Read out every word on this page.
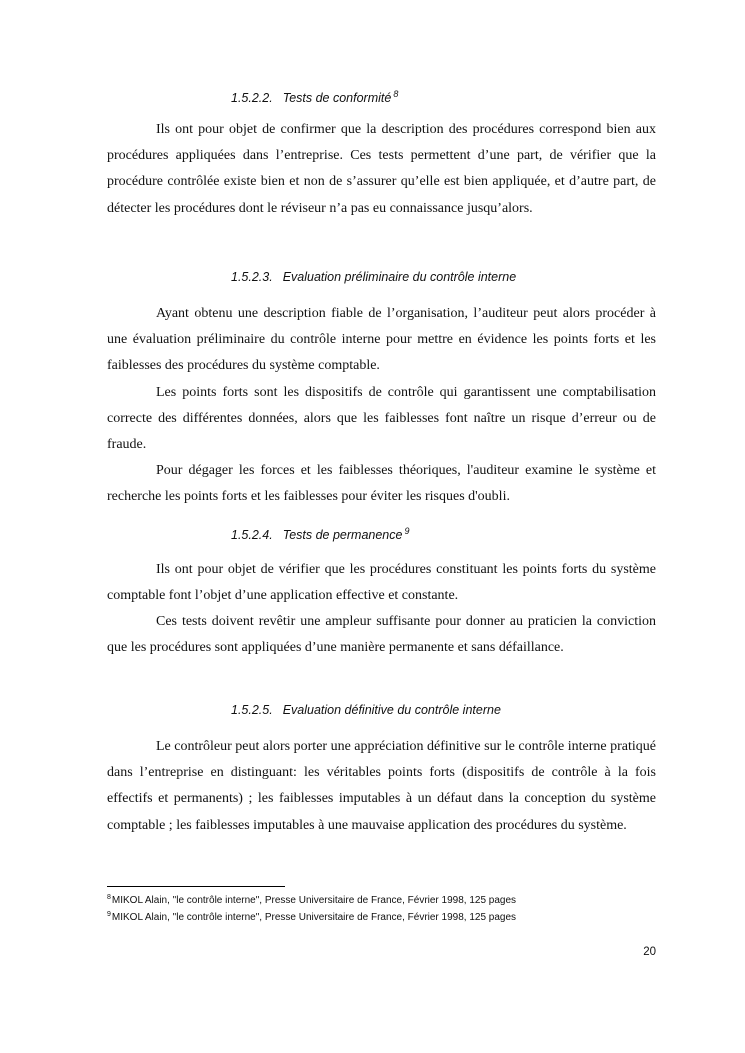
1.5.2.2. Tests de conformité $^8$

Ils ont pour objet de confirmer que la description des procédures correspond bien aux procédures appliquées dans l’entreprise. Ces tests permettent d’une part, de vérifier que la procédure contrôlée existe bien et non de s’assurer qu’elle est bien appliquée, et d’autre part, de détecter les procédures dont le réviseur n’a pas eu connaissance jusqu’alors.

1.5.2.3. Evaluation préliminaire du contrôle interne

Ayant obtenu une description fiable de l’organisation, l’auditeur peut alors procéder à une évaluation préliminaire du contrôle interne pour mettre en évidence les points forts et les faiblesses des procédures du système comptable.

Les points forts sont les dispositifs de contrôle qui garantissent une comptabilisation correcte des différentes données, alors que les faiblesses font naître un risque d’erreur ou de fraude.

Pour dégager les forces et les faiblesses théoriques, l'auditeur examine le système et recherche les points forts et les faiblesses pour éviter les risques d'oubli.

1.5.2.4. Tests de permanence $^9$

Ils ont pour objet de vérifier que les procédures constituant les points forts du système comptable font l’objet d’une application effective et constante.

Ces tests doivent revêtir une ampleur suffisante pour donner au praticien la conviction que les procédures sont appliquées d’une manière permanente et sans défaillance.

1.5.2.5. Evaluation définitive du contrôle interne

Le contrôleur peut alors porter une appréciation définitive sur le contrôle interne pratiqué dans l’entreprise en distinguant: les véritables points forts (dispositifs de contrôle à la fois effectifs et permanents) ; les faiblesses imputables à un défaut dans la conception du système comptable ; les faiblesses imputables à une mauvaise application des procédures du système.

$^8$MIKOL Alain, "le contrôle interne", Presse Universitaire de France, Février 1998, 125 pages
$^9$MIKOL Alain, "le contrôle interne", Presse Universitaire de France, Février 1998, 125 pages
20
